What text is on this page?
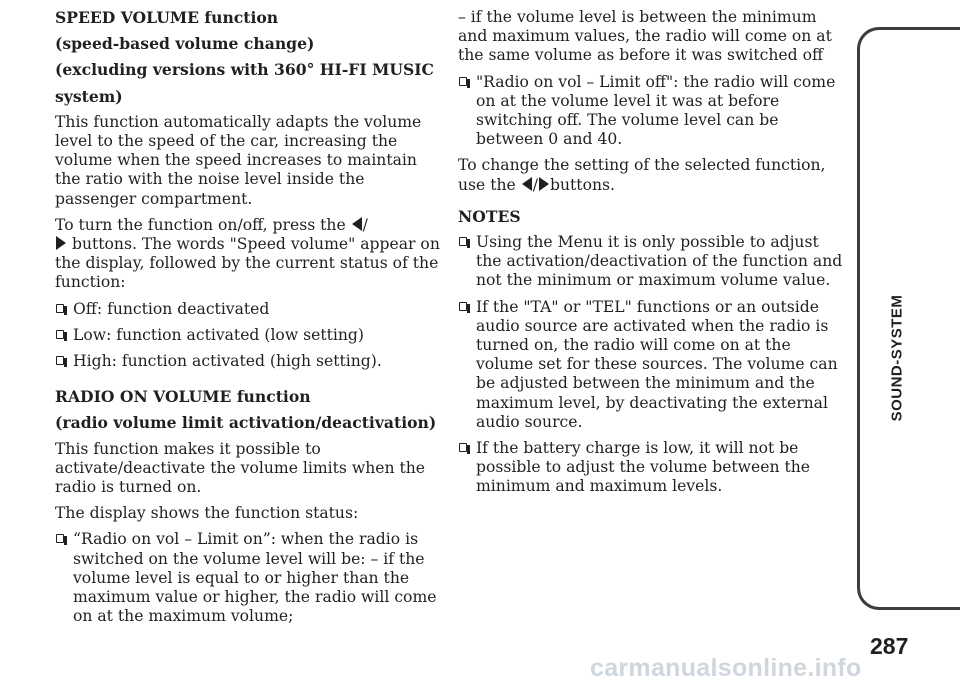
SPEED VOLUME function

(speed-based volume change)

(excluding versions with 360° HI-FI MUSIC

system)

This function automatically adapts the volume level to the speed of the car, increasing the volume when the speed increases to maintain the ratio with the noise level inside the passenger compartment.

To turn the function on/off, press the /
buttons. The words "Speed volume" appear on the display, followed by the current status of the function:

Off: function deactivated
Low: function activated (low setting)
High: function activated (high setting).

RADIO ON VOLUME function

(radio volume limit activation/deactivation)

This function makes it possible to activate/deactivate the volume limits when the radio is turned on.

The display shows the function status:

“Radio on vol – Limit on”: when the radio is switched on the volume level will be: – if the volume level is equal to or higher than the maximum value or higher, the radio will come on at the maximum volume;

– if the volume level is between the minimum and maximum values, the radio will come on at the same volume as before it was switched off

"Radio on vol – Limit off": the radio will come on at the volume level it was at before switching off. The volume level can be between 0 and 40.

To change the setting of the selected function, use the / buttons.

NOTES

Using the Menu it is only possible to adjust the activation/deactivation of the function and not the minimum or maximum volume value.
If the "TA" or "TEL" functions or an outside audio source are activated when the radio is turned on, the radio will come on at the volume set for these sources. The volume can be adjusted between the minimum and the maximum level, by deactivating the external audio source.
If the battery charge is low, it will not be possible to adjust the volume between the minimum and maximum levels.
SOUND-SYSTEM
287
carmanualsonline.info
